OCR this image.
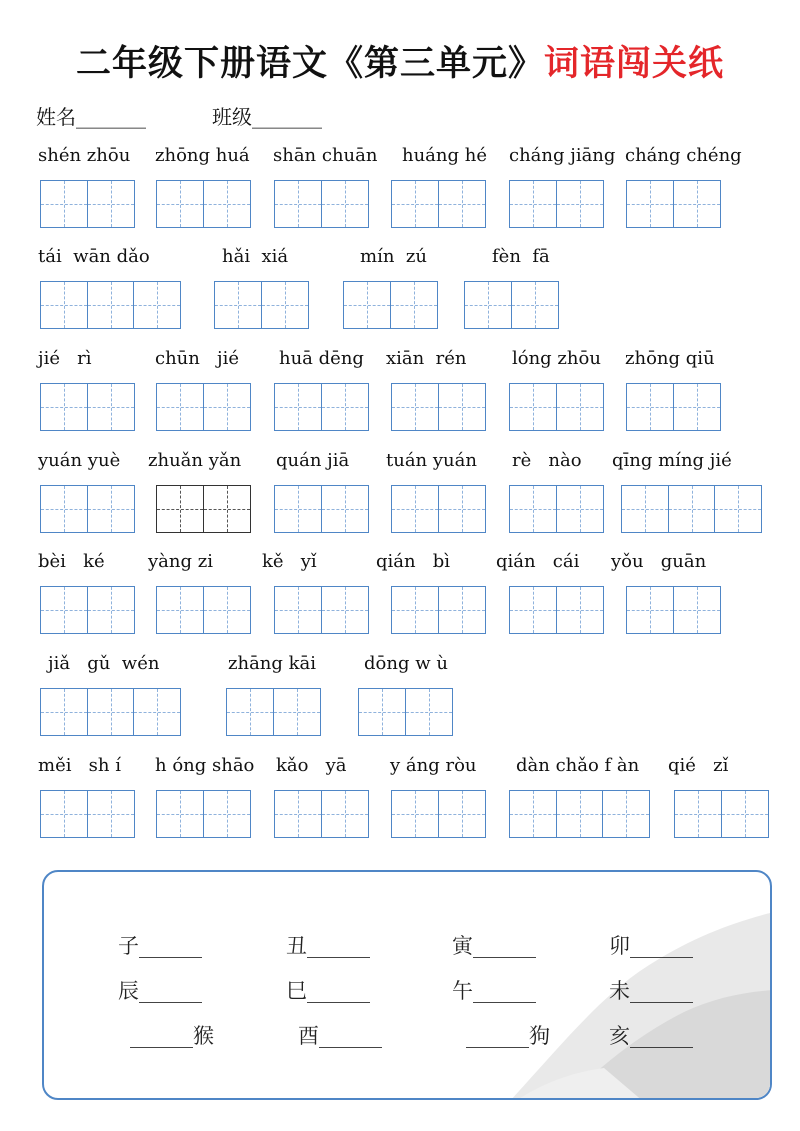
二年级下册语文《第三单元》词语闯关纸
姓名_______	班级_______
shén zhōu zhōng huá shān chuān huáng hé cháng jiāng cháng chéng
tái  wān dǎo	hǎi  xiá	mín  zú	fèn  fā
jié   rì	chūn   jié huā dēng xiān  rén	lóng zhōu zhōng qiū
yuán yuè zhuǎn yǎn quán jiā tuán yuán rè   nào qīng míng jié
bèi   ké yàng zi	kě   yǐ	qián   bì	qián   cái yǒu   guān
jiǎ   gǔ  wén	zhāng kāi	dōng w ù
měi   sh í h óng shāo kǎo   yā y áng ròu dàn chǎo f àn qié   zǐ
子______	丑______	寅______	卯______
辰______	巳______	午______	未______
______猴	酉______	______狗	亥______
